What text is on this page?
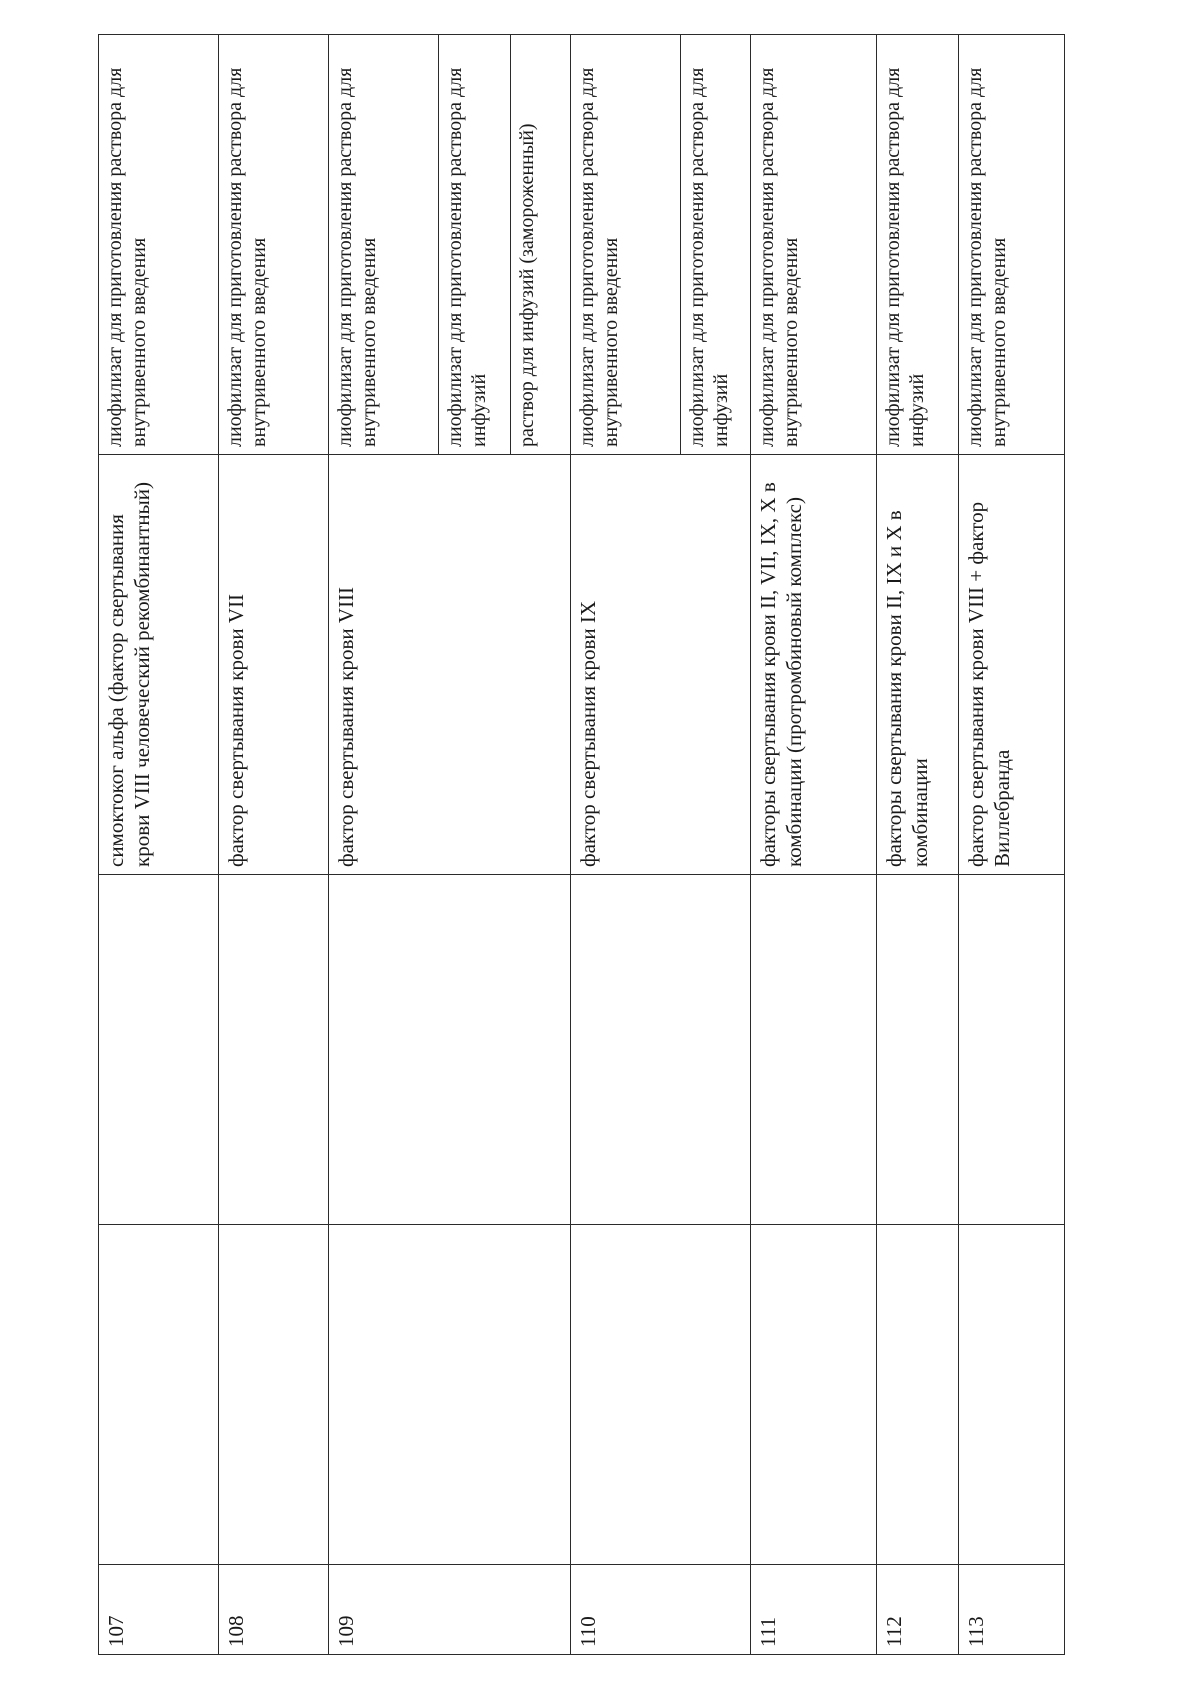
107			симоктоког альфа (фактор свертывания крови VIII человеческий рекомбинантный)	лиофилизат для приготовления раствора для внутривенного введения
108			фактор свертывания крови VII	лиофилизат для приготовления раствора для внутривенного введения
109			фактор свертывания крови VIII	лиофилизат для приготовления раствора для внутривенного введения
				лиофилизат для приготовления раствора для инфузий
				раствор для инфузий (замороженный)
110			фактор свертывания крови IX	лиофилизат для приготовления раствора для внутривенного введения
				лиофилизат для приготовления раствора для инфузий
111			факторы свертывания крови II, VII, IX, X в комбинации (протромбиновый комплекс)	лиофилизат для приготовления раствора для внутривенного введения
112			факторы свертывания крови II, IX и X в комбинации	лиофилизат для приготовления раствора для инфузий
113			фактор свертывания крови VIII + фактор Виллебранда	лиофилизат для приготовления раствора для внутривенного введения
